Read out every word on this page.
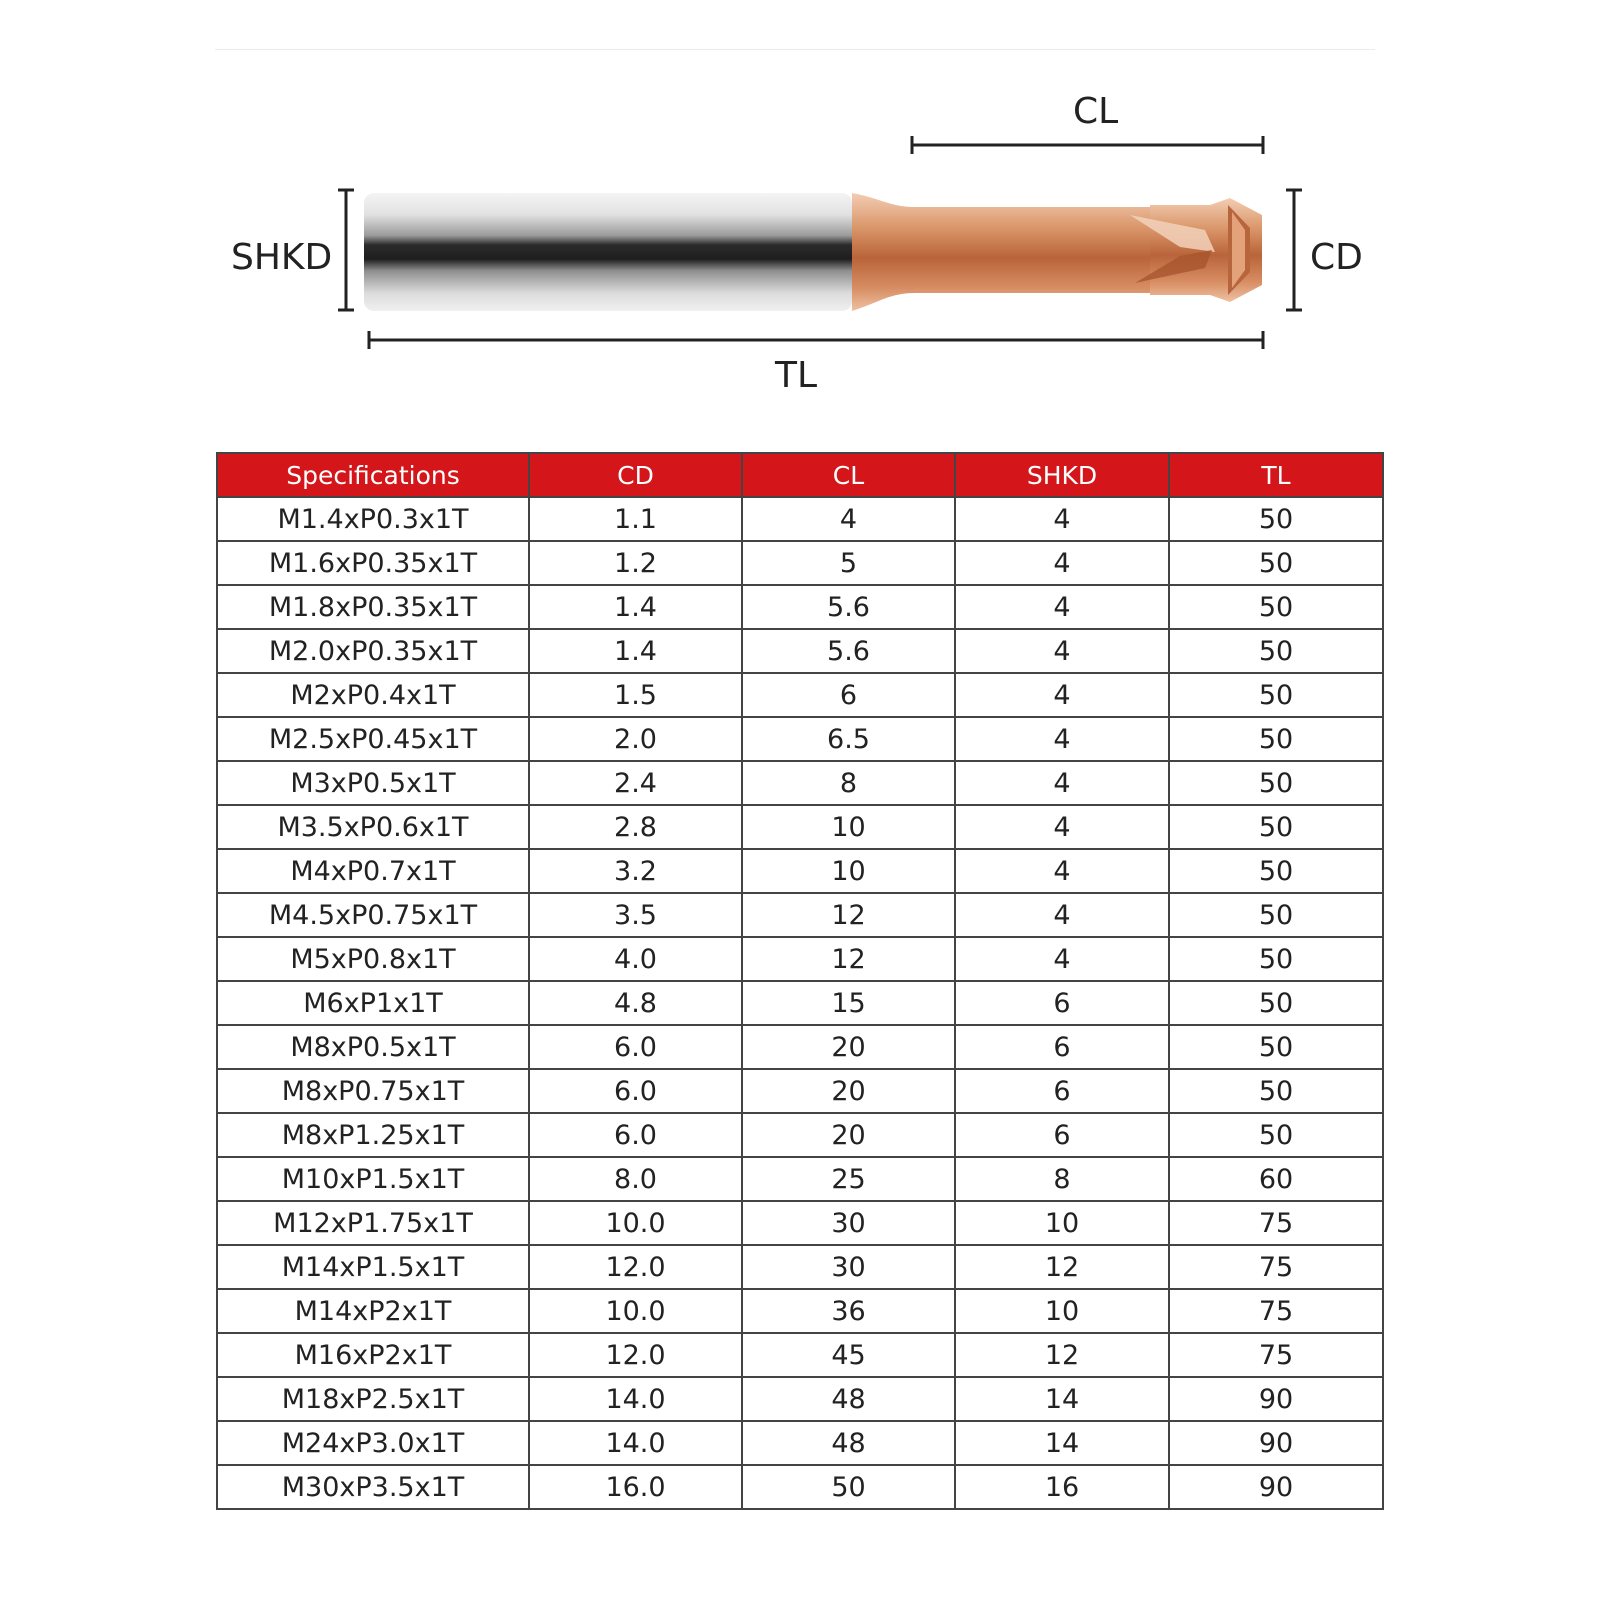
CL
SHKD	CD
TL
Specifications	CD	CL	SHKD	TL
M1.4xP0.3x1T	1.1	4	4	50
M1.6xP0.35x1T	1.2	5	4	50
M1.8xP0.35x1T	1.4	5.6	4	50
M2.0xP0.35x1T	1.4	5.6	4	50
M2xP0.4x1T	1.5	6	4	50
M2.5xP0.45x1T	2.0	6.5	4	50
M3xP0.5x1T	2.4	8	4	50
M3.5xP0.6x1T	2.8	10	4	50
M4xP0.7x1T	3.2	10	4	50
M4.5xP0.75x1T	3.5	12	4	50
M5xP0.8x1T	4.0	12	4	50
M6xP1x1T	4.8	15	6	50
M8xP0.5x1T	6.0	20	6	50
M8xP0.75x1T	6.0	20	6	50
M8xP1.25x1T	6.0	20	6	50
M10xP1.5x1T	8.0	25	8	60
M12xP1.75x1T	10.0	30	10	75
M14xP1.5x1T	12.0	30	12	75
M14xP2x1T	10.0	36	10	75
M16xP2x1T	12.0	45	12	75
M18xP2.5x1T	14.0	48	14	90
M24xP3.0x1T	14.0	48	14	90
M30xP3.5x1T	16.0	50	16	90
